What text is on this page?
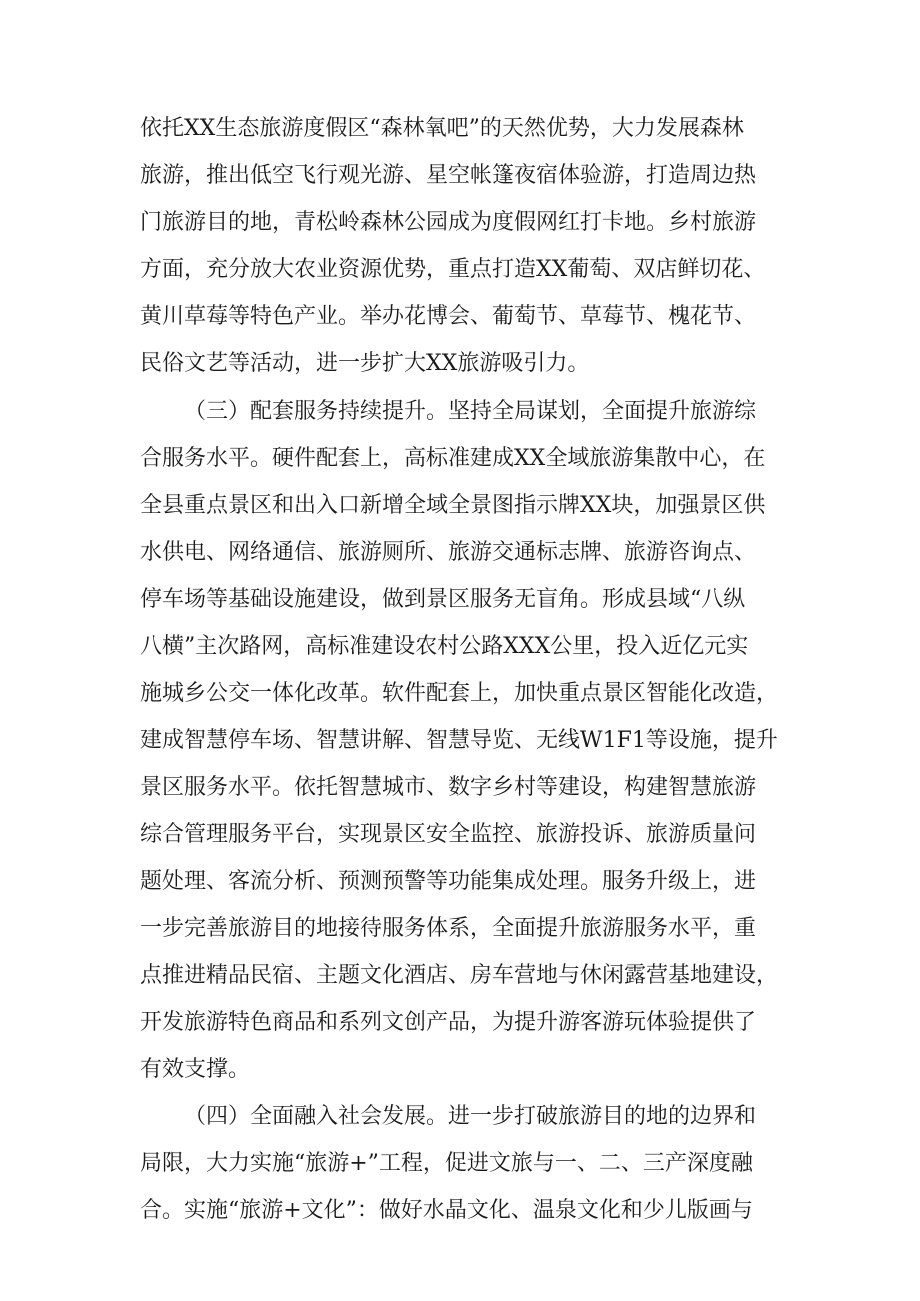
依托XX生态旅游度假区“森林氧吧”的天然优势，大力发展森林
旅游，推出低空飞行观光游、星空帐篷夜宿体验游，打造周边热
门旅游目的地，青松岭森林公园成为度假网红打卡地。乡村旅游
方面，充分放大农业资源优势，重点打造XX葡萄、双店鲜切花、
黄川草莓等特色产业。举办花博会、葡萄节、草莓节、槐花节、
民俗文艺等活动，进一步扩大XX旅游吸引力。
（三）配套服务持续提升。坚持全局谋划，全面提升旅游综
合服务水平。硬件配套上，高标准建成XX全域旅游集散中心，在
全县重点景区和出入口新增全域全景图指示牌XX块，加强景区供
水供电、网络通信、旅游厕所、旅游交通标志牌、旅游咨询点、
停车场等基础设施建设，做到景区服务无盲角。形成县域“八纵
八横”主次路网，高标准建设农村公路XXX公里，投入近亿元实
施城乡公交一体化改革。软件配套上，加快重点景区智能化改造，
建成智慧停车场、智慧讲解、智慧导览、无线W1F1等设施，提升
景区服务水平。依托智慧城市、数字乡村等建设，构建智慧旅游
综合管理服务平台，实现景区安全监控、旅游投诉、旅游质量问
题处理、客流分析、预测预警等功能集成处理。服务升级上，进
一步完善旅游目的地接待服务体系，全面提升旅游服务水平，重
点推进精品民宿、主题文化酒店、房车营地与休闲露营基地建设，
开发旅游特色商品和系列文创产品，为提升游客游玩体验提供了
有效支撑。
（四）全面融入社会发展。进一步打破旅游目的地的边界和
局限，大力实施“旅游+”工程，促进文旅与一、二、三产深度融
合。实施“旅游+文化”：做好水晶文化、温泉文化和少儿版画与
